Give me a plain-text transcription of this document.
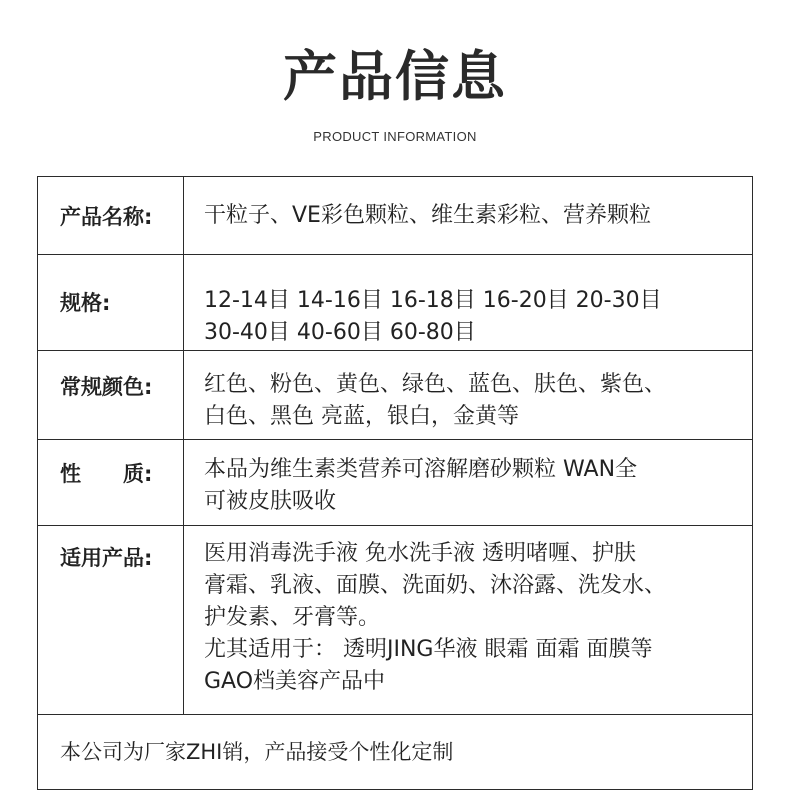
产品信息
PRODUCT INFORMATION
产品名称: 干粒子、VE彩色颗粒、维生素彩粒、营养颗粒
规格:	12-14目 14-16目 16-18目 16-20目 20-30目
30-40目 40-60目 60-80目
常规颜色: 红色、粉色、黄色、绿色、蓝色、肤色、紫色、
白色、黑色 亮蓝，银白，金黄等
性 质: 本品为维生素类营养可溶解磨砂颗粒 WAN全
可被皮肤吸收
适用产品: 医用消毒洗手液 免水洗手液 透明啫喱、护肤
膏霜、乳液、面膜、洗面奶、沐浴露、洗发水、
护发素、牙膏等。
尤其适用于： 透明JING华液 眼霜 面霜 面膜等
GAO档美容产品中
本公司为厂家ZHI销，产品接受个性化定制
